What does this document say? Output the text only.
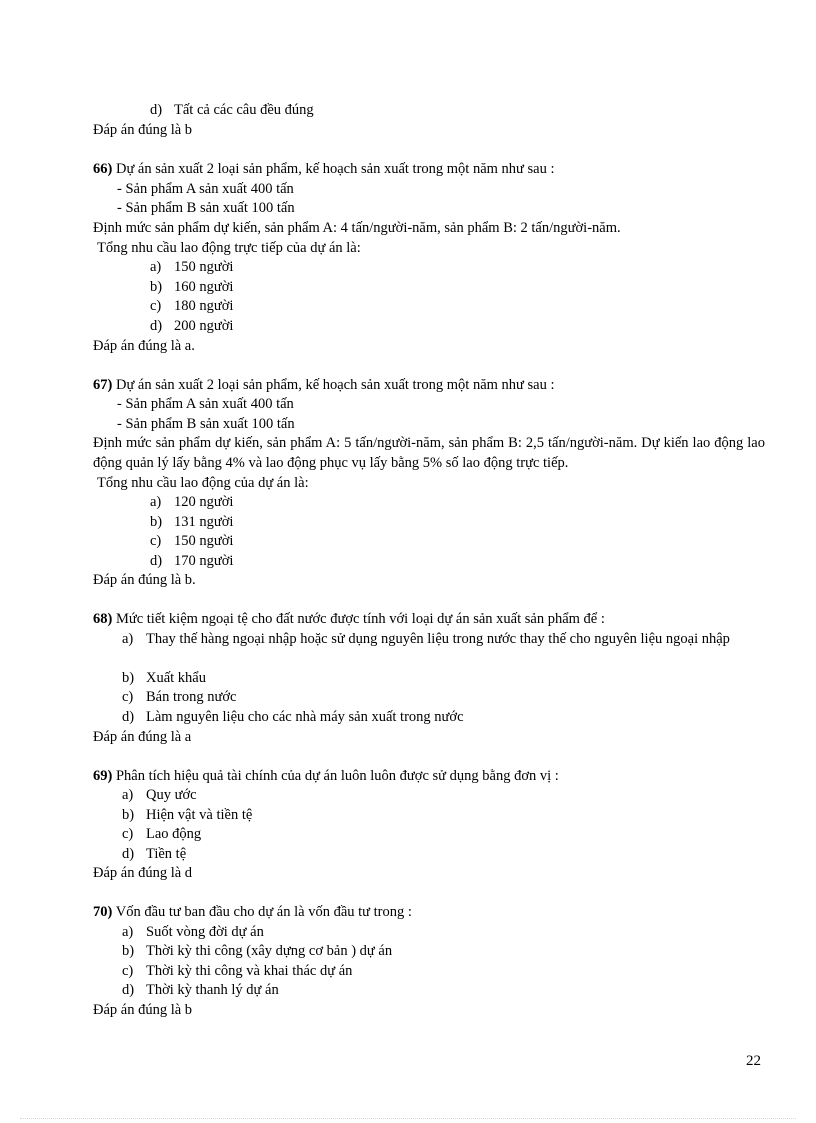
d) Tất cả các câu đều đúng
Đáp án đúng là b
66) Dự án sản xuất 2 loại sản phẩm, kế hoạch sản xuất trong một năm như sau :
- Sản phẩm A sản xuất 400 tấn
- Sản phẩm B sản xuất 100 tấn
Định mức sản phẩm dự kiến, sản phẩm A: 4 tấn/người-năm, sản phẩm B: 2 tấn/người-năm.
Tổng nhu cầu lao động trực tiếp của dự án là:
a) 150 người
b) 160 người
c) 180 người
d) 200 người
Đáp án đúng là a.
67) Dự án sản xuất 2 loại sản phẩm, kế hoạch sản xuất trong một năm như sau :
- Sản phẩm A sản xuất 400 tấn
- Sản phẩm B sản xuất 100 tấn
Định mức sản phẩm dự kiến, sản phẩm A: 5 tấn/người-năm, sản phẩm B: 2,5 tấn/người-năm. Dự kiến lao động lao động quản lý lấy bằng 4% và lao động phục vụ lấy bằng 5% số lao động trực tiếp.
Tổng nhu cầu lao động của dự án là:
a) 120 người
b) 131 người
c) 150 người
d) 170 người
Đáp án đúng là b.
68) Mức tiết kiệm ngoại tệ cho đất nước được tính với loại dự án sản xuất sản phẩm để :
a) Thay thế hàng ngoại nhập hoặc sử dụng nguyên liệu trong nước thay thế cho nguyên liệu ngoại nhập
b) Xuất khẩu
c) Bán trong nước
d) Làm nguyên liệu cho các nhà máy sản xuất trong nước
Đáp án đúng là a
69) Phân tích hiệu quả tài chính của dự án luôn luôn được sử dụng bằng đơn vị :
a) Quy ước
b) Hiện vật và tiền tệ
c) Lao động
d) Tiền tệ
Đáp án đúng là d
70) Vốn đầu tư ban đầu cho dự án là vốn đầu tư trong :
a) Suốt vòng đời dự án
b) Thời kỳ thi công (xây dựng cơ bản ) dự án
c) Thời kỳ thi công và khai thác dự án
d) Thời kỳ thanh lý dự án
Đáp án đúng là b
22
